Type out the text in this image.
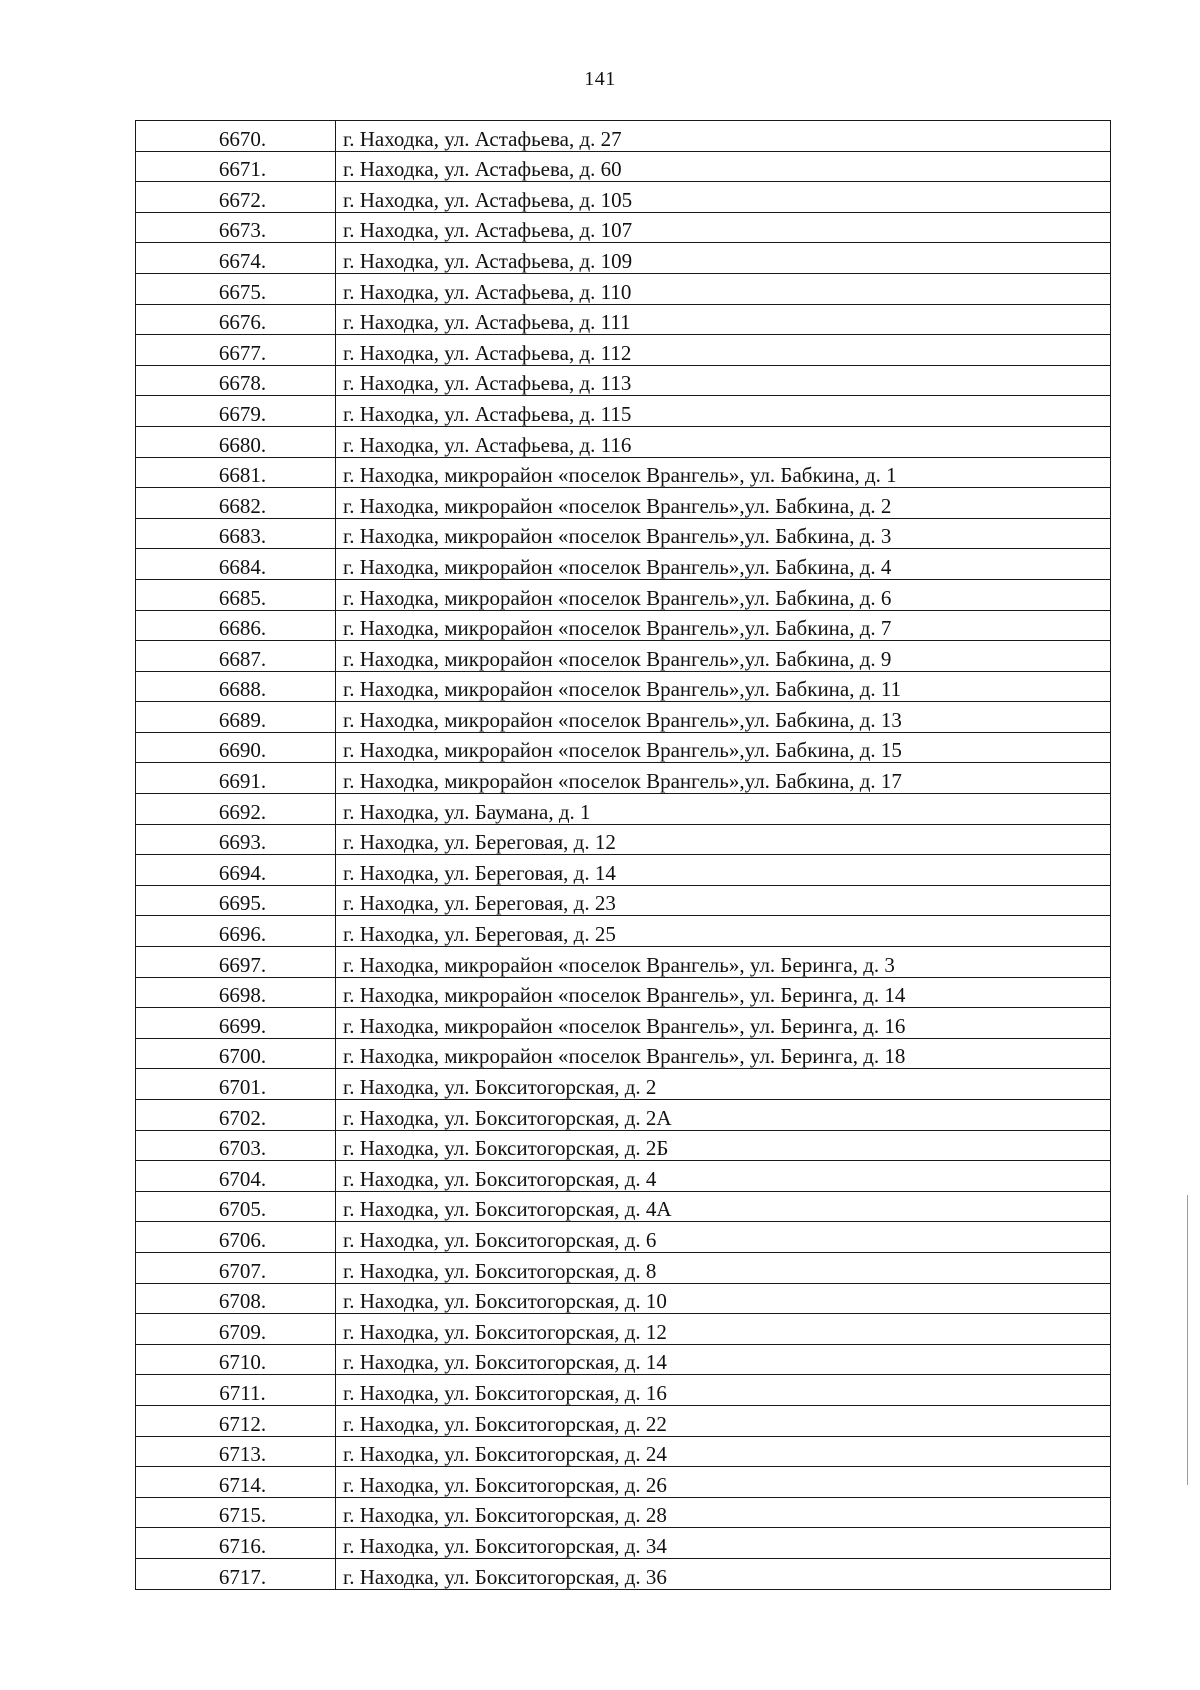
141
6670.	г. Находка, ул. Астафьева, д. 27
6671.	г. Находка, ул. Астафьева, д. 60
6672.	г. Находка, ул. Астафьева, д. 105
6673.	г. Находка, ул. Астафьева, д. 107
6674.	г. Находка, ул. Астафьева, д. 109
6675.	г. Находка, ул. Астафьева, д. 110
6676.	г. Находка, ул. Астафьева, д. 111
6677.	г. Находка, ул. Астафьева, д. 112
6678.	г. Находка, ул. Астафьева, д. 113
6679.	г. Находка, ул. Астафьева, д. 115
6680.	г. Находка, ул. Астафьева, д. 116
6681.	г. Находка, микрорайон «поселок Врангель», ул. Бабкина, д. 1
6682.	г. Находка, микрорайон «поселок Врангель»,ул. Бабкина, д. 2
6683.	г. Находка, микрорайон «поселок Врангель»,ул. Бабкина, д. 3
6684.	г. Находка, микрорайон «поселок Врангель»,ул. Бабкина, д. 4
6685.	г. Находка, микрорайон «поселок Врангель»,ул. Бабкина, д. 6
6686.	г. Находка, микрорайон «поселок Врангель»,ул. Бабкина, д. 7
6687.	г. Находка, микрорайон «поселок Врангель»,ул. Бабкина, д. 9
6688.	г. Находка, микрорайон «поселок Врангель»,ул. Бабкина, д. 11
6689.	г. Находка, микрорайон «поселок Врангель»,ул. Бабкина, д. 13
6690.	г. Находка, микрорайон «поселок Врангель»,ул. Бабкина, д. 15
6691.	г. Находка, микрорайон «поселок Врангель»,ул. Бабкина, д. 17
6692.	г. Находка, ул. Баумана, д. 1
6693.	г. Находка, ул. Береговая, д. 12
6694.	г. Находка, ул. Береговая, д. 14
6695.	г. Находка, ул. Береговая, д. 23
6696.	г. Находка, ул. Береговая, д. 25
6697.	г. Находка, микрорайон «поселок Врангель», ул. Беринга, д. 3
6698.	г. Находка, микрорайон «поселок Врангель», ул. Беринга, д. 14
6699.	г. Находка, микрорайон «поселок Врангель», ул. Беринга, д. 16
6700.	г. Находка, микрорайон «поселок Врангель», ул. Беринга, д. 18
6701.	г. Находка, ул. Бокситогорская, д. 2
6702.	г. Находка, ул. Бокситогорская, д. 2А
6703.	г. Находка, ул. Бокситогорская, д. 2Б
6704.	г. Находка, ул. Бокситогорская, д. 4
6705.	г. Находка, ул. Бокситогорская, д. 4А
6706.	г. Находка, ул. Бокситогорская, д. 6
6707.	г. Находка, ул. Бокситогорская, д. 8
6708.	г. Находка, ул. Бокситогорская, д. 10
6709.	г. Находка, ул. Бокситогорская, д. 12
6710.	г. Находка, ул. Бокситогорская, д. 14
6711.	г. Находка, ул. Бокситогорская, д. 16
6712.	г. Находка, ул. Бокситогорская, д. 22
6713.	г. Находка, ул. Бокситогорская, д. 24
6714.	г. Находка, ул. Бокситогорская, д. 26
6715.	г. Находка, ул. Бокситогорская, д. 28
6716.	г. Находка, ул. Бокситогорская, д. 34
6717.	г. Находка, ул. Бокситогорская, д. 36
